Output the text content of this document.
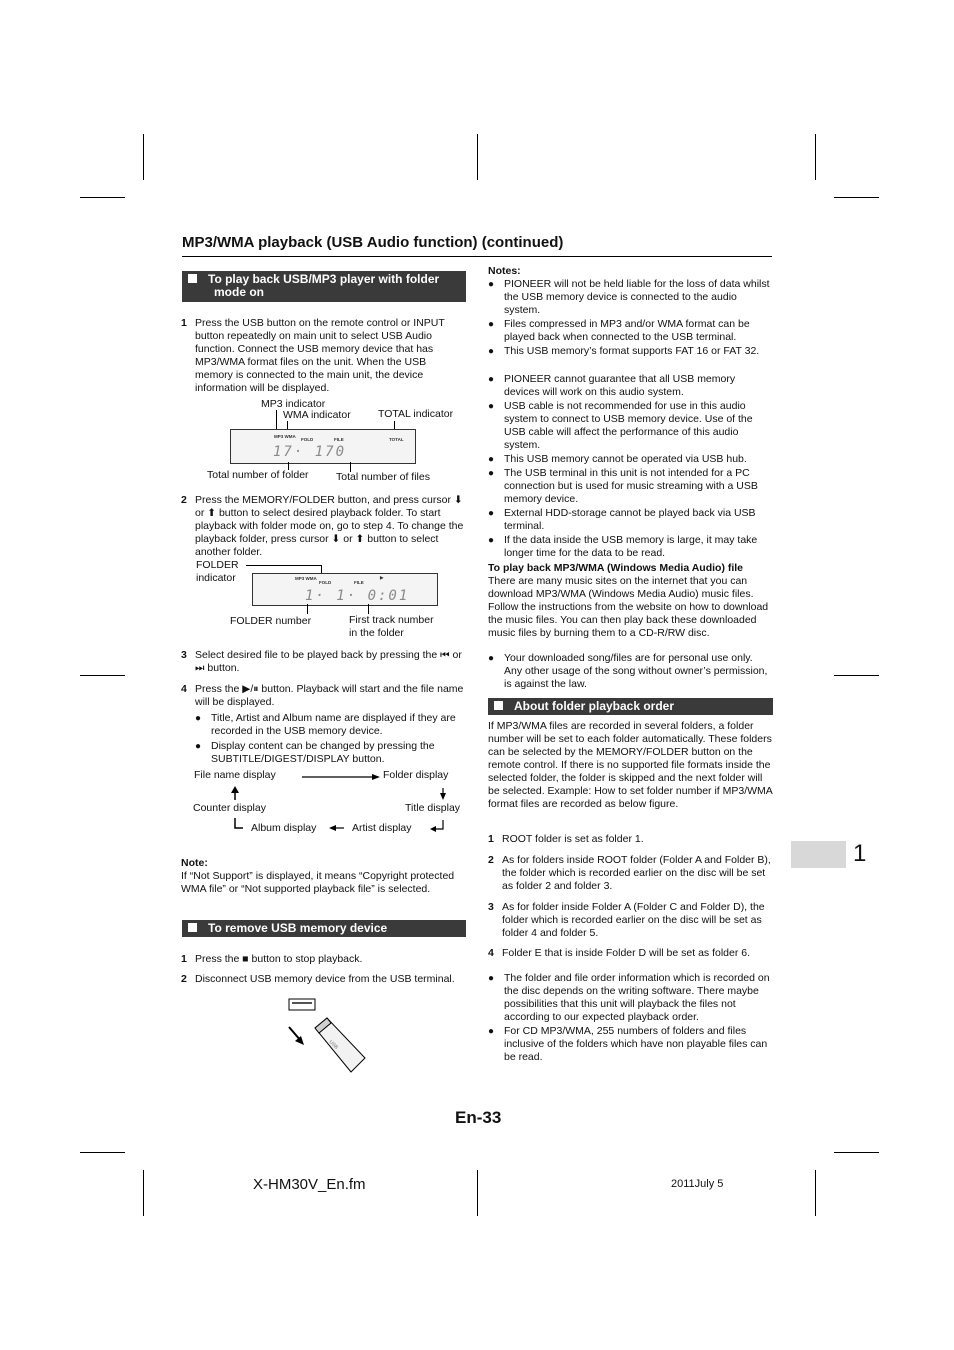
MP3/WMA playback (USB Audio function) (continued)
To play back USB/MP3 player with folder
mode on
1 Press the USB button on the remote control or INPUT button repeatedly on main unit to select USB Audio function. Connect the USB memory device that has MP3/WMA format files on the unit. When the USB memory is connected to the main unit, the device information will be displayed.
MP3 indicator
WMA indicator	TOTAL indicator
MP3 WMA
FOLD	FILE	TOTAL
17· 170
Total number of folder	Total number of files
2 Press the MEMORY/FOLDER button, and press cursor ⬇ or ⬆ button to select desired playback folder. To start playback with folder mode on, go to step 4. To change the playback folder, press cursor ⬇ or ⬆ button to select another folder.
FOLDER
indicator	MP3 WMA
FOLD	FILE
▶
1· 1· 0:01
FOLDER number	First track number
in the folder
3 Select desired file to be played back by pressing the ⏮ or ⏭ button.
4 Press the ▶/⏸ button. Playback will start and the file name will be displayed.
● Title, Artist and Album name are displayed if they are recorded in the USB memory device.
● Display content can be changed by pressing the SUBTITLE/DIGEST/DISPLAY button.
File name display	Folder display
Counter display	Title display
Album display	Artist display
Note:
If “Not Support” is displayed, it means “Copyright protected WMA file” or “Not supported playback file” is selected.
To remove USB memory device
1 Press the ■ button to stop playback.
2 Disconnect USB memory device from the USB terminal.
USB
Notes:
● PIONEER will not be held liable for the loss of data whilst the USB memory device is connected to the audio system.
● Files compressed in MP3 and/or WMA format can be played back when connected to the USB terminal.
● This USB memory’s format supports FAT 16 or FAT 32.
● PIONEER cannot guarantee that all USB memory devices will work on this audio system.
● USB cable is not recommended for use in this audio system to connect to USB memory device. Use of the USB cable will affect the performance of this audio system.
● This USB memory cannot be operated via USB hub.
● The USB terminal in this unit is not intended for a PC connection but is used for music streaming with a USB memory device.
● External HDD-storage cannot be played back via USB terminal.
● If the data inside the USB memory is large, it may take longer time for the data to be read.
To play back MP3/WMA (Windows Media Audio) file
There are many music sites on the internet that you can download MP3/WMA (Windows Media Audio) music files. Follow the instructions from the website on how to download the music files. You can then play back these downloaded music files by burning them to a CD-R/RW disc.
● Your downloaded song/files are for personal use only. Any other usage of the song without owner’s permission, is against the law.
About folder playback order
If MP3/WMA files are recorded in several folders, a folder number will be set to each folder automatically. These folders can be selected by the MEMORY/FOLDER button on the remote control. If there is no supported file formats inside the selected folder, the folder is skipped and the next folder will be selected. Example: How to set folder number if MP3/WMA format files are recorded as below figure.
1 ROOT folder is set as folder 1.
2 As for folders inside ROOT folder (Folder A and Folder B), the folder which is recorded earlier on the disc will be set as folder 2 and folder 3.
3 As for folder inside Folder A (Folder C and Folder D), the folder which is recorded earlier on the disc will be set as folder 4 and folder 5.
4 Folder E that is inside Folder D will be set as folder 6.
● The folder and file order information which is recorded on the disc depends on the writing software. There maybe possibilities that this unit will playback the files not according to our expected playback order.
● For CD MP3/WMA, 255 numbers of folders and files inclusive of the folders which have non playable files can be read.
1
En-33
X-HM30V_En.fm	2011July 5
